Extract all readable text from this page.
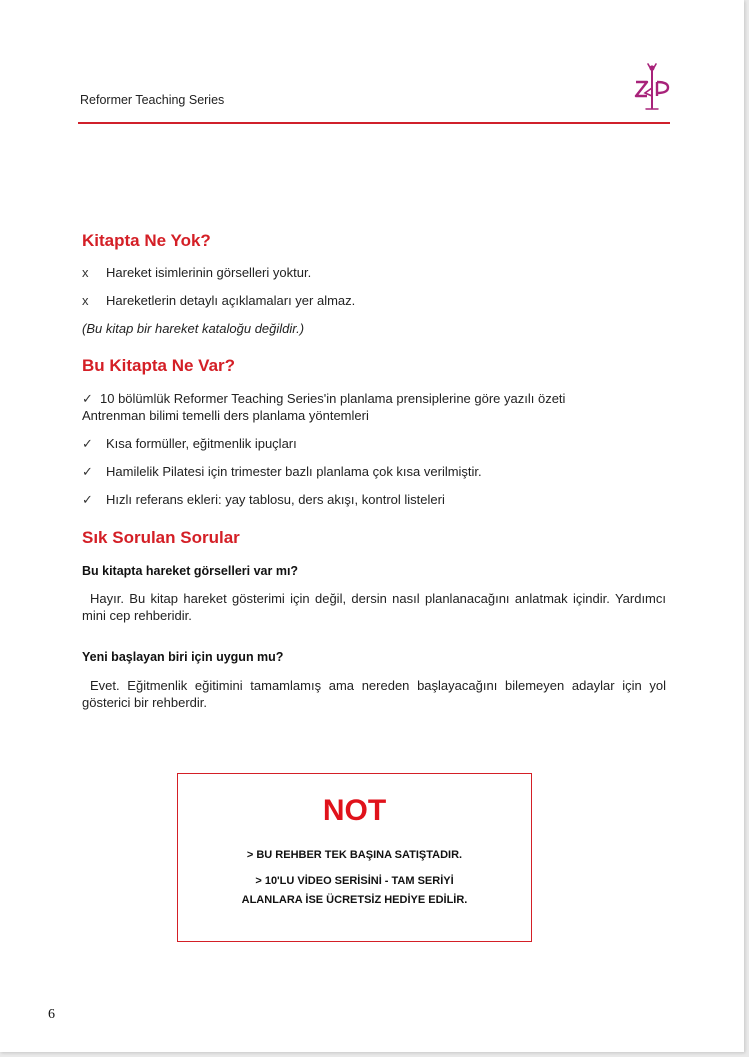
Reformer Teaching Series
Kitapta Ne Yok?
x Hareket isimlerinin görselleri yoktur.
x Hareketlerin detaylı açıklamaları yer almaz.
(Bu kitap bir hareket kataloğu değildir.)
Bu Kitapta Ne Var?
✓ 10 bölümlük Reformer Teaching Series'in planlama prensiplerine göre yazılı özeti
Antrenman bilimi temelli ders planlama yöntemleri
✓ Kısa formüller, eğitmenlik ipuçları
✓ Hamilelik Pilatesi için trimester bazlı planlama çok kısa verilmiştir.
✓ Hızlı referans ekleri: yay tablosu, ders akışı, kontrol listeleri
Sık Sorulan Sorular
Bu kitapta hareket görselleri var mı?
Hayır. Bu kitap hareket gösterimi için değil, dersin nasıl planlanacağını anlatmak içindir. Yardımcı mini cep rehberidir.
Yeni başlayan biri için uygun mu?
Evet. Eğitmenlik eğitimini tamamlamış ama nereden başlayacağını bilemeyen adaylar için yol gösterici bir rehberdir.
NOT
> BU REHBER TEK BAŞINA SATIŞTADIR.
> 10'LU VİDEO SERİSİNİ - TAM SERİYİ
ALANLARA İSE ÜCRETSİZ HEDİYE EDİLİR.
6
